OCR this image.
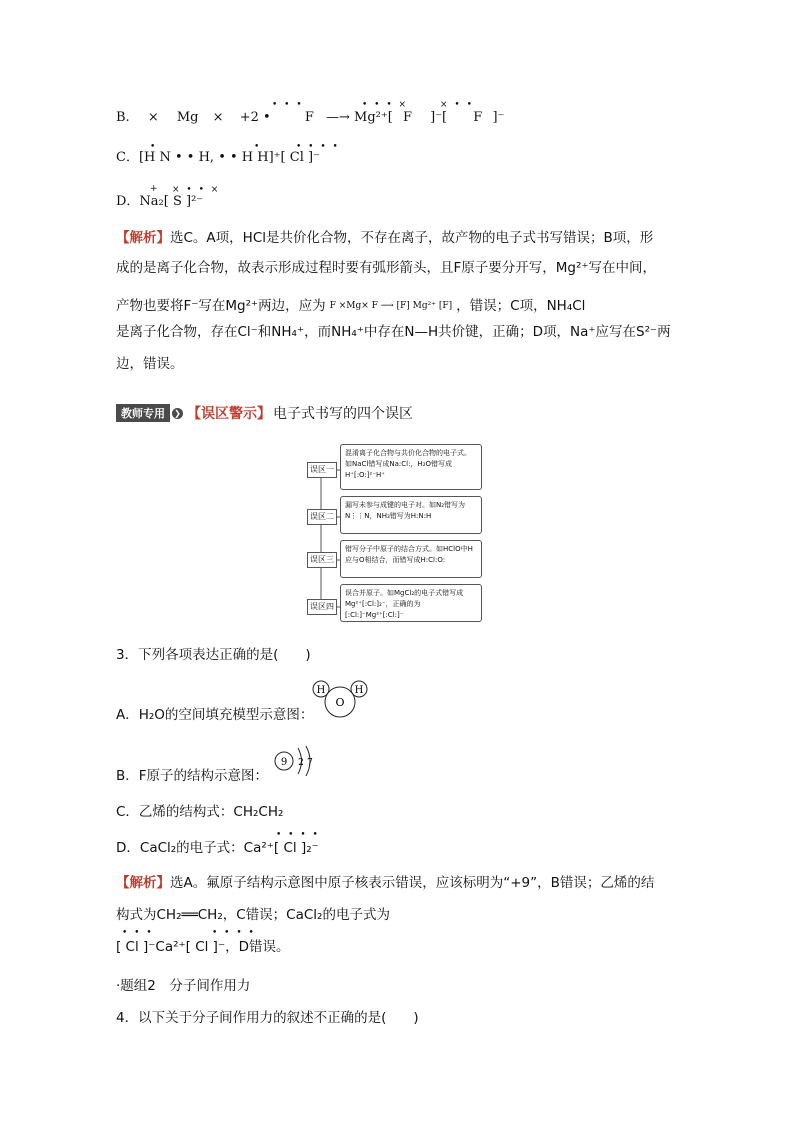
B. × Mg × +2 •	F —→ Mg²⁺[ F ]⁻[ F ]⁻
• • •	• • • ×	× • •
C．[H N • • H, • • H H]⁺[ Cl ]⁻
•	•	• • • •
D．Na₂[ S ]²⁻
+ × • • ×
【解析】选C。A项，HCl是共价化合物，不存在离子，故产物的电子式书写错误；B项，形
成的是离子化合物，故表示形成过程时要有弧形箭头，且F原子要分开写，Mg²⁺写在中间，
产物也要将F⁻写在Mg²⁺两边，应为 F ×Mg× F ⟶ [F] Mg²⁺ [F] ，错误；C项，NH₄Cl
是离子化合物，存在Cl⁻和NH₄⁺，而NH₄⁺中存在N—H共价键，正确；D项，Na⁺应写在S²⁻两
边，错误。
教师专用	❯ 【误区警示】 电子式书写的四个误区
误区一
误区二
误区三
误区四
混淆离子化合物与共价化合物的电子式。如NaCl错写成Na:Cl:，H₂O错写成H⁺[:O:]²⁻H⁺
漏写未参与成键的电子对。如N₂错写为N⋮⋮N，NH₃错写为H:N:H
错写分子中原子的结合方式。如HClO中H应与O相结合，而错写成H:Cl:O:
误合并原子。如MgCl₂的电子式错写成Mg²⁺[:Cl:]₂⁻，正确的为[:Cl:]⁻Mg²⁺[:Cl:]⁻
3．下列各项表达正确的是(　　)
A．H₂O的空间填充模型示意图：
H
O
H
B．F原子的结构示意图：
9 2 7
C．乙烯的结构式：CH₂CH₂
D．CaCl₂的电子式：Ca²⁺[ Cl ]₂⁻
• • • •
【解析】选A。氟原子结构示意图中原子核表示错误，应该标明为“+9”，B错误；乙烯的结
构式为CH₂══CH₂，C错误；CaCl₂的电子式为
[ Cl ]⁻Ca²⁺[ Cl ]⁻，D错误。
• • •	• • • •
·题组2　分子间作用力
4．以下关于分子间作用力的叙述不正确的是(　　)
